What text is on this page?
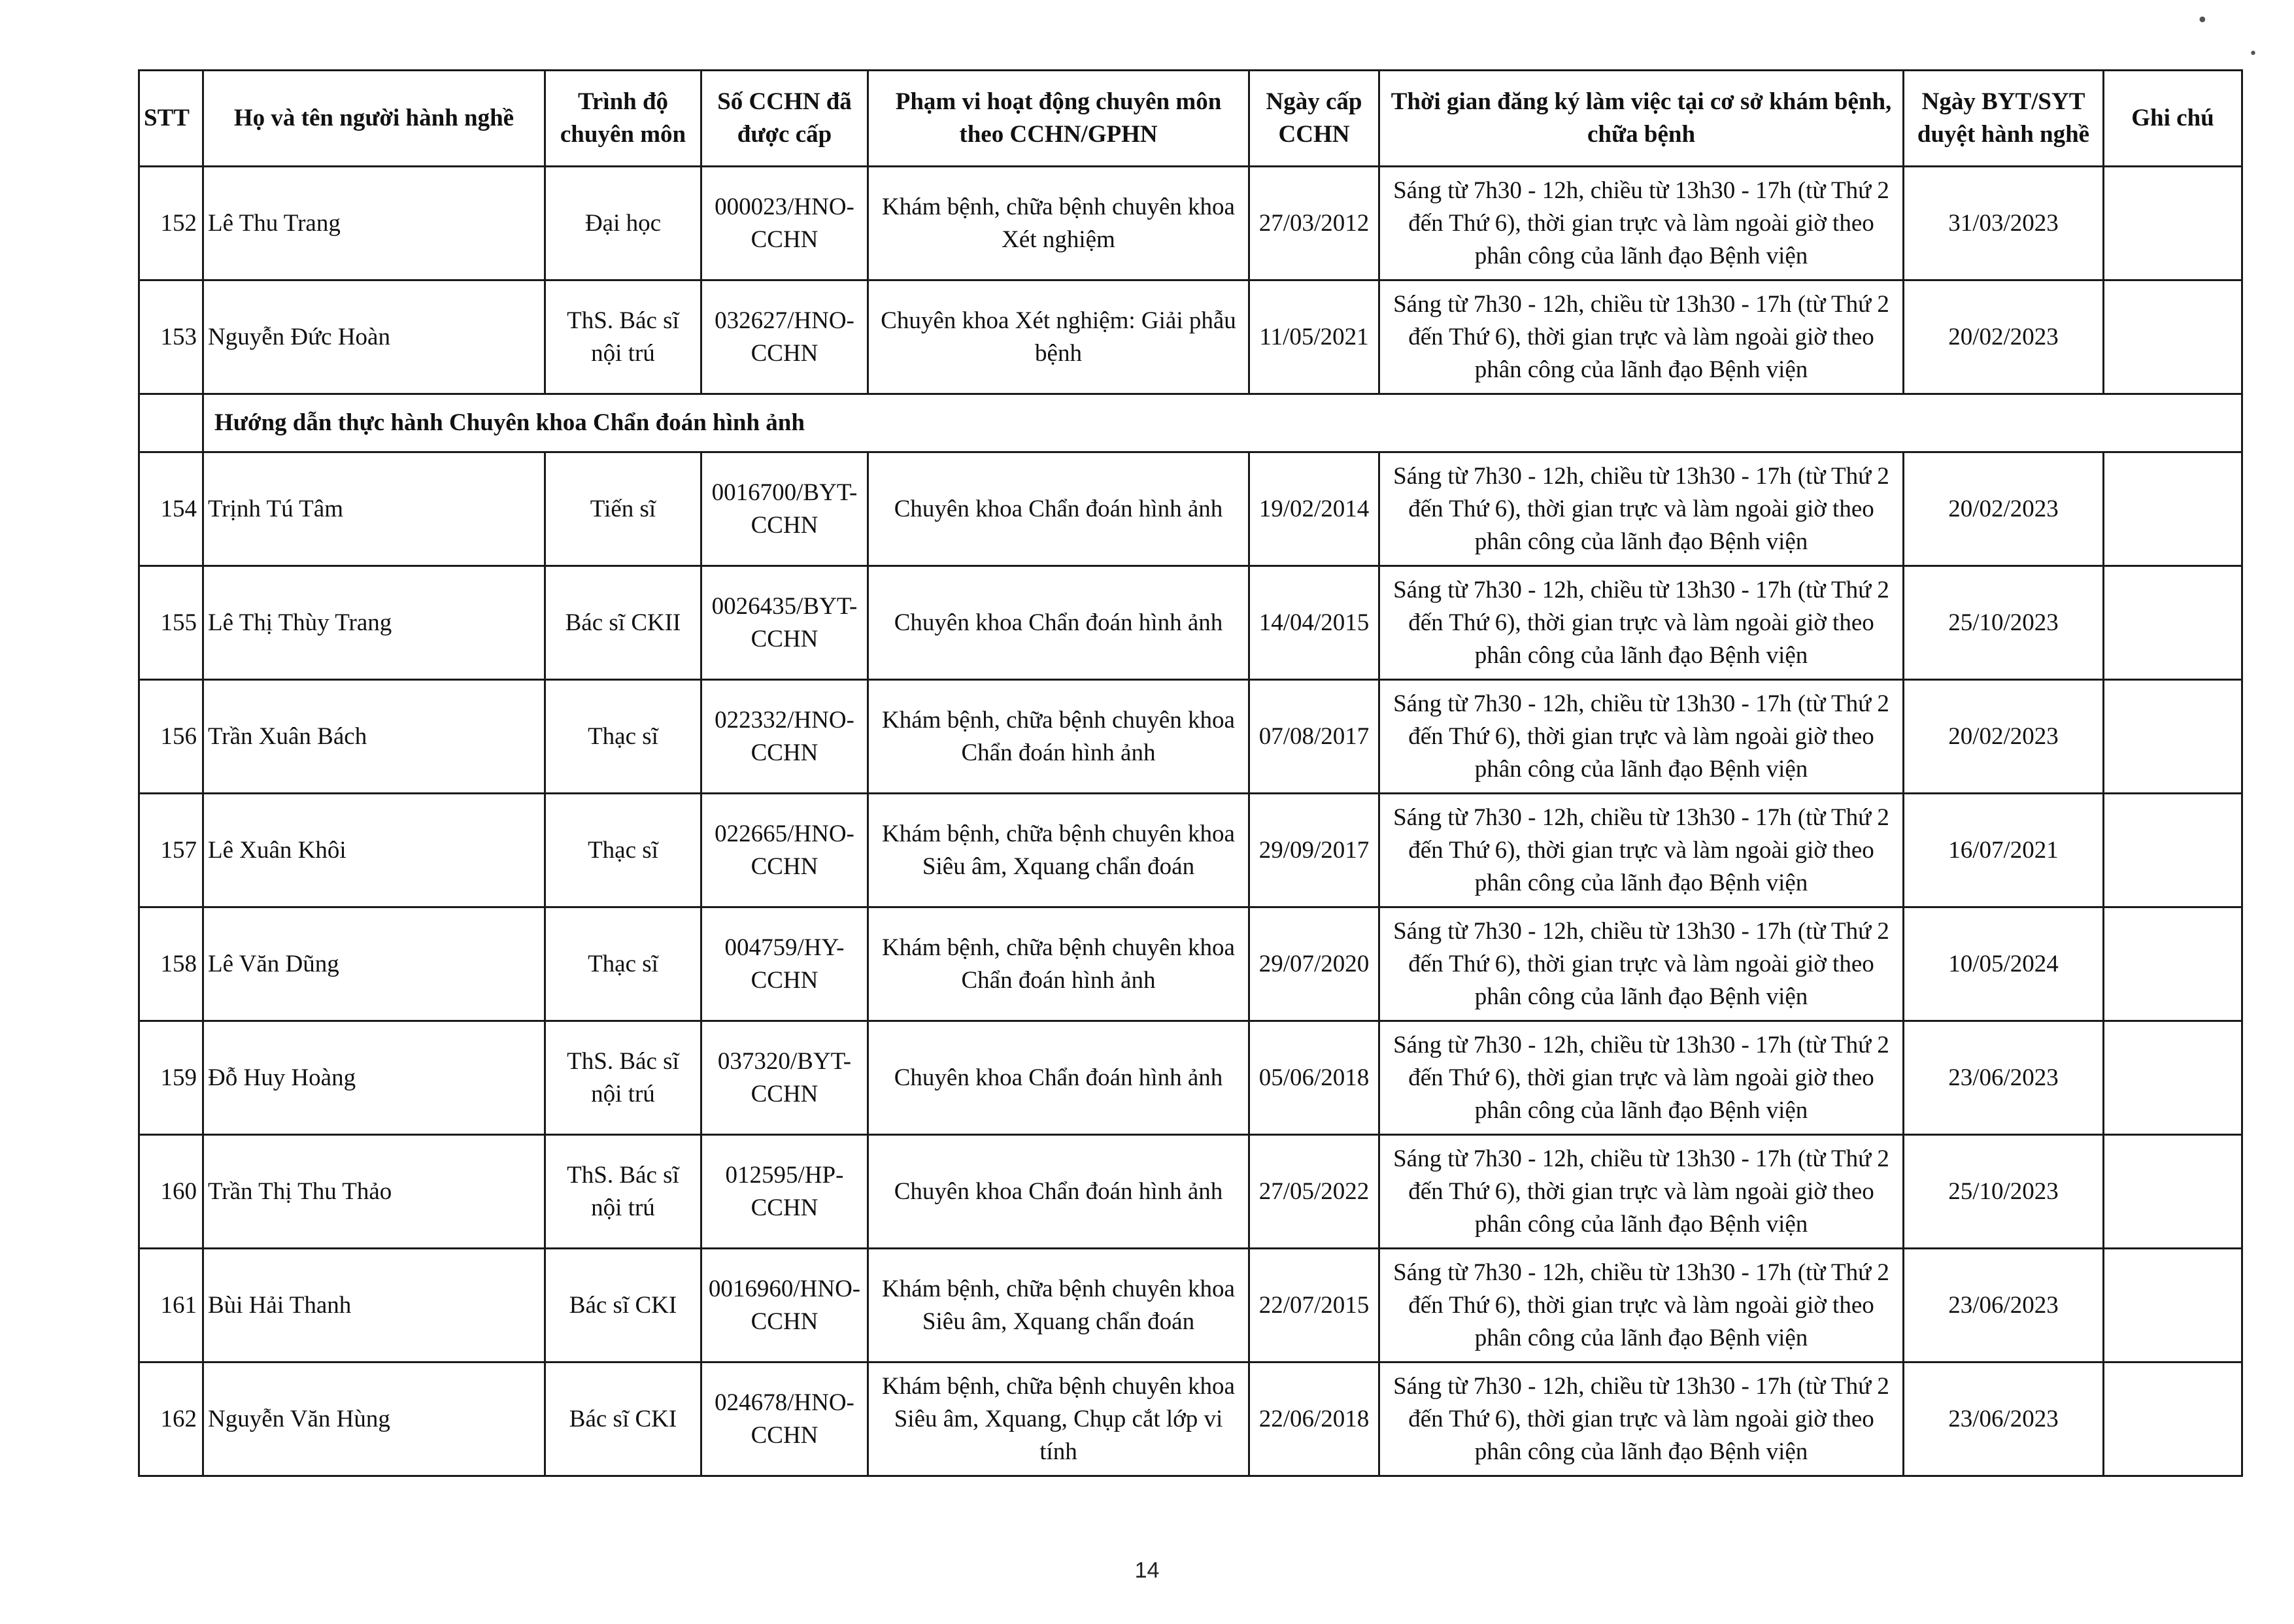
•
•
STT	Họ và tên người hành nghề	Trình độ chuyên môn	Số CCHN đã được cấp	Phạm vi hoạt động chuyên môn theo CCHN/GPHN	Ngày cấp CCHN	Thời gian đăng ký làm việc tại cơ sở khám bệnh, chữa bệnh	Ngày BYT/SYT duyệt hành nghề	Ghi chú
152	Lê Thu Trang	Đại học	000023/HNO-CCHN	Khám bệnh, chữa bệnh chuyên khoa Xét nghiệm	27/03/2012	Sáng từ 7h30 - 12h, chiều từ 13h30 - 17h (từ Thứ 2 đến Thứ 6), thời gian trực và làm ngoài giờ theo phân công của lãnh đạo Bệnh viện	31/03/2023	
153	Nguyễn Đức Hoàn	ThS. Bác sĩ nội trú	032627/HNO-CCHN	Chuyên khoa Xét nghiệm: Giải phẫu bệnh	11/05/2021	Sáng từ 7h30 - 12h, chiều từ 13h30 - 17h (từ Thứ 2 đến Thứ 6), thời gian trực và làm ngoài giờ theo phân công của lãnh đạo Bệnh viện	20/02/2023	
	Hướng dẫn thực hành Chuyên khoa Chẩn đoán hình ảnh							
154	Trịnh Tú Tâm	Tiến sĩ	0016700/BYT-CCHN	Chuyên khoa Chẩn đoán hình ảnh	19/02/2014	Sáng từ 7h30 - 12h, chiều từ 13h30 - 17h (từ Thứ 2 đến Thứ 6), thời gian trực và làm ngoài giờ theo phân công của lãnh đạo Bệnh viện	20/02/2023	
155	Lê Thị Thùy Trang	Bác sĩ CKII	0026435/BYT-CCHN	Chuyên khoa Chẩn đoán hình ảnh	14/04/2015	Sáng từ 7h30 - 12h, chiều từ 13h30 - 17h (từ Thứ 2 đến Thứ 6), thời gian trực và làm ngoài giờ theo phân công của lãnh đạo Bệnh viện	25/10/2023	
156	Trần Xuân Bách	Thạc sĩ	022332/HNO-CCHN	Khám bệnh, chữa bệnh chuyên khoa Chẩn đoán hình ảnh	07/08/2017	Sáng từ 7h30 - 12h, chiều từ 13h30 - 17h (từ Thứ 2 đến Thứ 6), thời gian trực và làm ngoài giờ theo phân công của lãnh đạo Bệnh viện	20/02/2023	
157	Lê Xuân Khôi	Thạc sĩ	022665/HNO-CCHN	Khám bệnh, chữa bệnh chuyên khoa Siêu âm, Xquang chẩn đoán	29/09/2017	Sáng từ 7h30 - 12h, chiều từ 13h30 - 17h (từ Thứ 2 đến Thứ 6), thời gian trực và làm ngoài giờ theo phân công của lãnh đạo Bệnh viện	16/07/2021	
158	Lê Văn Dũng	Thạc sĩ	004759/HY-CCHN	Khám bệnh, chữa bệnh chuyên khoa Chẩn đoán hình ảnh	29/07/2020	Sáng từ 7h30 - 12h, chiều từ 13h30 - 17h (từ Thứ 2 đến Thứ 6), thời gian trực và làm ngoài giờ theo phân công của lãnh đạo Bệnh viện	10/05/2024	
159	Đỗ Huy Hoàng	ThS. Bác sĩ nội trú	037320/BYT-CCHN	Chuyên khoa Chẩn đoán hình ảnh	05/06/2018	Sáng từ 7h30 - 12h, chiều từ 13h30 - 17h (từ Thứ 2 đến Thứ 6), thời gian trực và làm ngoài giờ theo phân công của lãnh đạo Bệnh viện	23/06/2023	
160	Trần Thị Thu Thảo	ThS. Bác sĩ nội trú	012595/HP-CCHN	Chuyên khoa Chẩn đoán hình ảnh	27/05/2022	Sáng từ 7h30 - 12h, chiều từ 13h30 - 17h (từ Thứ 2 đến Thứ 6), thời gian trực và làm ngoài giờ theo phân công của lãnh đạo Bệnh viện	25/10/2023	
161	Bùi Hải Thanh	Bác sĩ CKI	0016960/HNO-CCHN	Khám bệnh, chữa bệnh chuyên khoa Siêu âm, Xquang chẩn đoán	22/07/2015	Sáng từ 7h30 - 12h, chiều từ 13h30 - 17h (từ Thứ 2 đến Thứ 6), thời gian trực và làm ngoài giờ theo phân công của lãnh đạo Bệnh viện	23/06/2023	
162	Nguyễn Văn Hùng	Bác sĩ CKI	024678/HNO-CCHN	Khám bệnh, chữa bệnh chuyên khoa Siêu âm, Xquang, Chụp cắt lớp vi tính	22/06/2018	Sáng từ 7h30 - 12h, chiều từ 13h30 - 17h (từ Thứ 2 đến Thứ 6), thời gian trực và làm ngoài giờ theo phân công của lãnh đạo Bệnh viện	23/06/2023	
14
